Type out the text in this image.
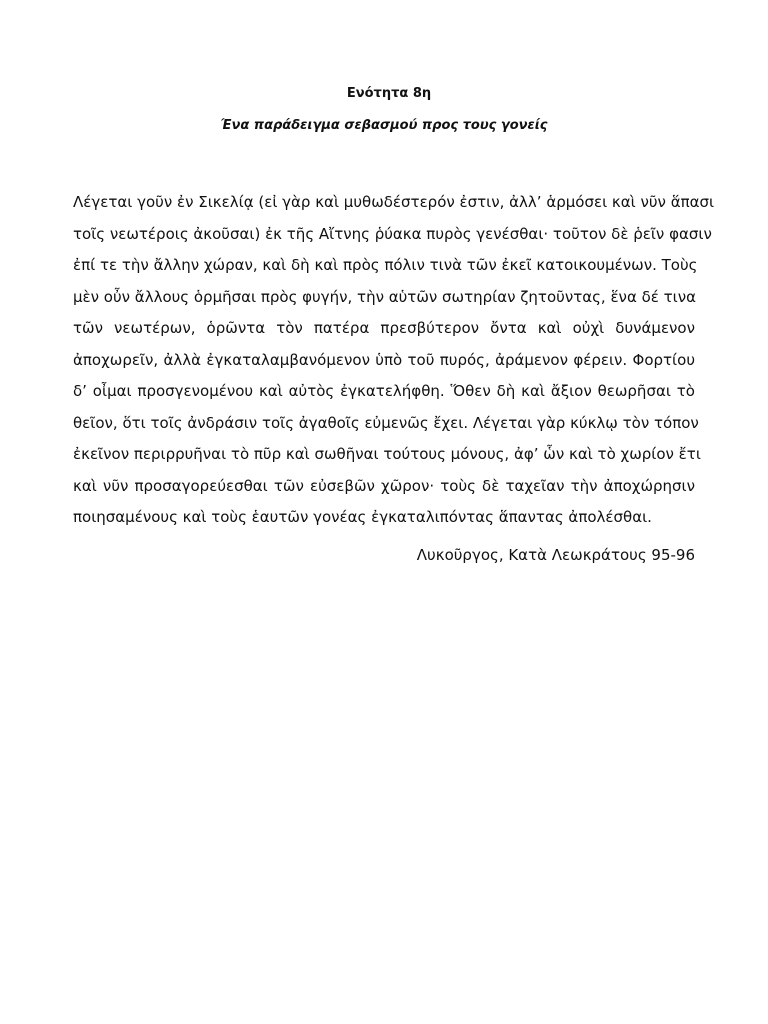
Ενότητα 8η

Ένα παράδειγμα σεβασμού προς τους γονείς

Λέγεται γοῦν ἐν Σικελίᾳ (εἰ γὰρ καὶ μυθωδέστερόν ἐστιν, ἀλλ’ ἁρμόσει καὶ νῦν ἅπασι
τοῖς νεωτέροις ἀκοῦσαι) ἐκ τῆς Αἴτνης ῥύακα πυρὸς γενέσθαι· τοῦτον δὲ ῥεῖν φασιν
ἐπί τε τὴν ἄλλην χώραν, καὶ δὴ καὶ πρὸς πόλιν τινὰ τῶν ἐκεῖ κατοικουμένων. Τοὺς
μὲν οὖν ἄλλους ὁρμῆσαι πρὸς φυγήν, τὴν αὑτῶν σωτηρίαν ζητοῦντας, ἕνα δέ τινα
τῶν νεωτέρων, ὁρῶντα τὸν πατέρα πρεσβύτερον ὄντα καὶ οὐχὶ δυνάμενον
ἀποχωρεῖν, ἀλλὰ ἐγκαταλαμβανόμενον ὑπὸ τοῦ πυρός, ἀράμενον φέρειν. Φορτίου
δ’ οἶμαι προσγενομένου καὶ αὐτὸς ἐγκατελήφθη. Ὅθεν δὴ καὶ ἄξιον θεωρῆσαι τὸ
θεῖον, ὅτι τοῖς ἀνδράσιν τοῖς ἀγαθοῖς εὐμενῶς ἔχει. Λέγεται γὰρ κύκλῳ τὸν τόπον
ἐκεῖνον περιρρυῆναι τὸ πῦρ καὶ σωθῆναι τούτους μόνους, ἀφ’ ὧν καὶ τὸ χωρίον ἔτι
καὶ νῦν προσαγορεύεσθαι τῶν εὐσεβῶν χῶρον· τοὺς δὲ ταχεῖαν τὴν ἀποχώρησιν
ποιησαμένους καὶ τοὺς ἑαυτῶν γονέας ἐγκαταλιπόντας ἅπαντας ἀπολέσθαι.

Λυκοῦργος, Κατὰ Λεωκράτους 95-96
